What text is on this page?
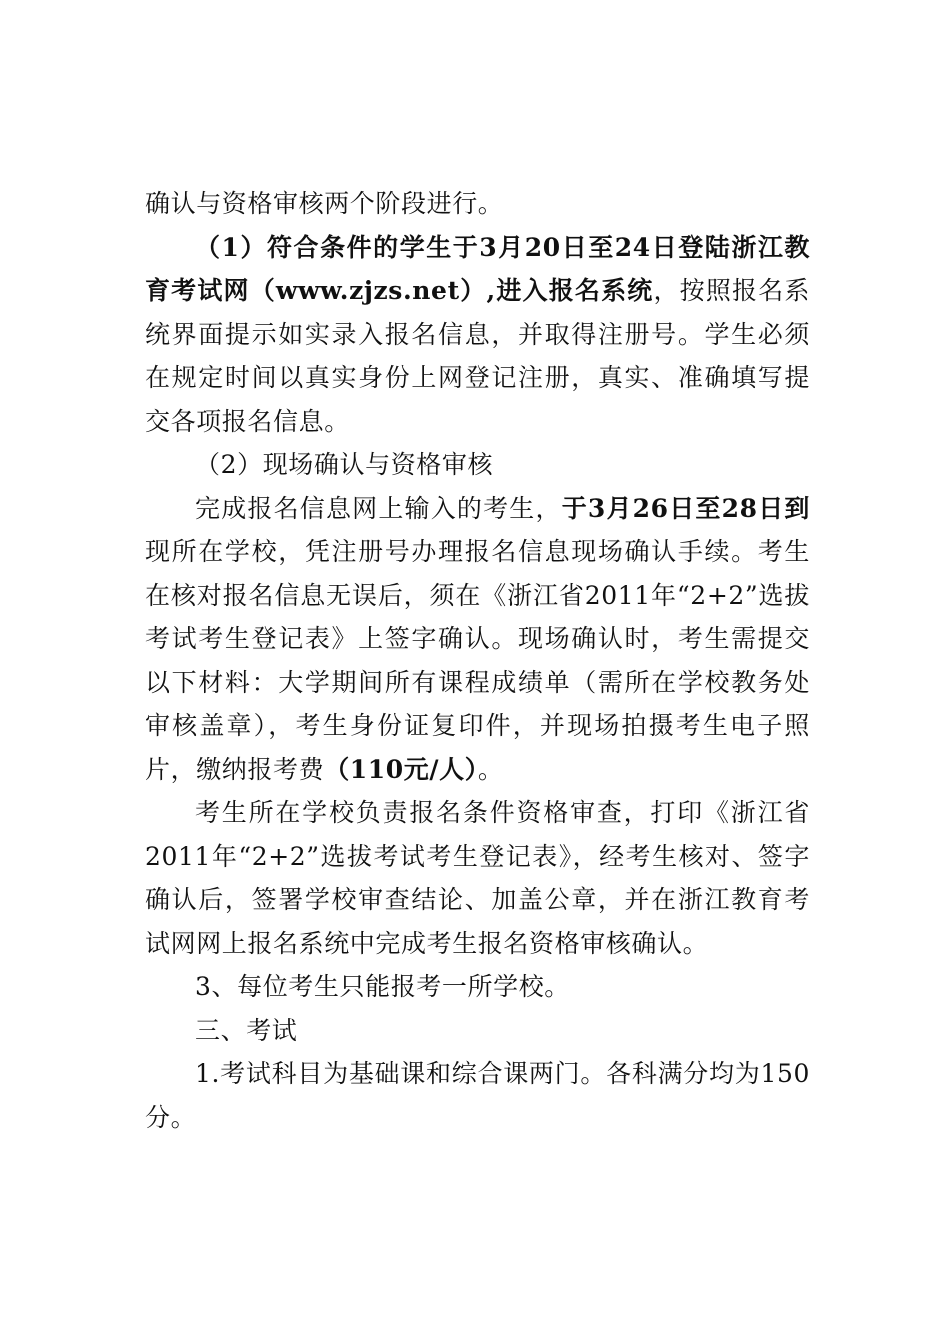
确认与资格审核两个阶段进行。

（1）符合条件的学生于3月20日至24日登陆浙江教育考试网（www.zjzs.net）,进入报名系统，按照报名系统界面提示如实录入报名信息，并取得注册号。学生必须在规定时间以真实身份上网登记注册，真实、准确填写提交各项报名信息。

（2）现场确认与资格审核

完成报名信息网上输入的考生，于3月26日至28日到现所在学校，凭注册号办理报名信息现场确认手续。考生在核对报名信息无误后，须在《浙江省2011年“2+2”选拔考试考生登记表》上签字确认。现场确认时，考生需提交以下材料：大学期间所有课程成绩单（需所在学校教务处审核盖章），考生身份证复印件，并现场拍摄考生电子照片，缴纳报考费（110元/人）。

考生所在学校负责报名条件资格审查，打印《浙江省2011年“2+2”选拔考试考生登记表》，经考生核对、签字确认后，签署学校审查结论、加盖公章，并在浙江教育考试网网上报名系统中完成考生报名资格审核确认。

3、每位考生只能报考一所学校。

三、考试

1.考试科目为基础课和综合课两门。各科满分均为150分。
